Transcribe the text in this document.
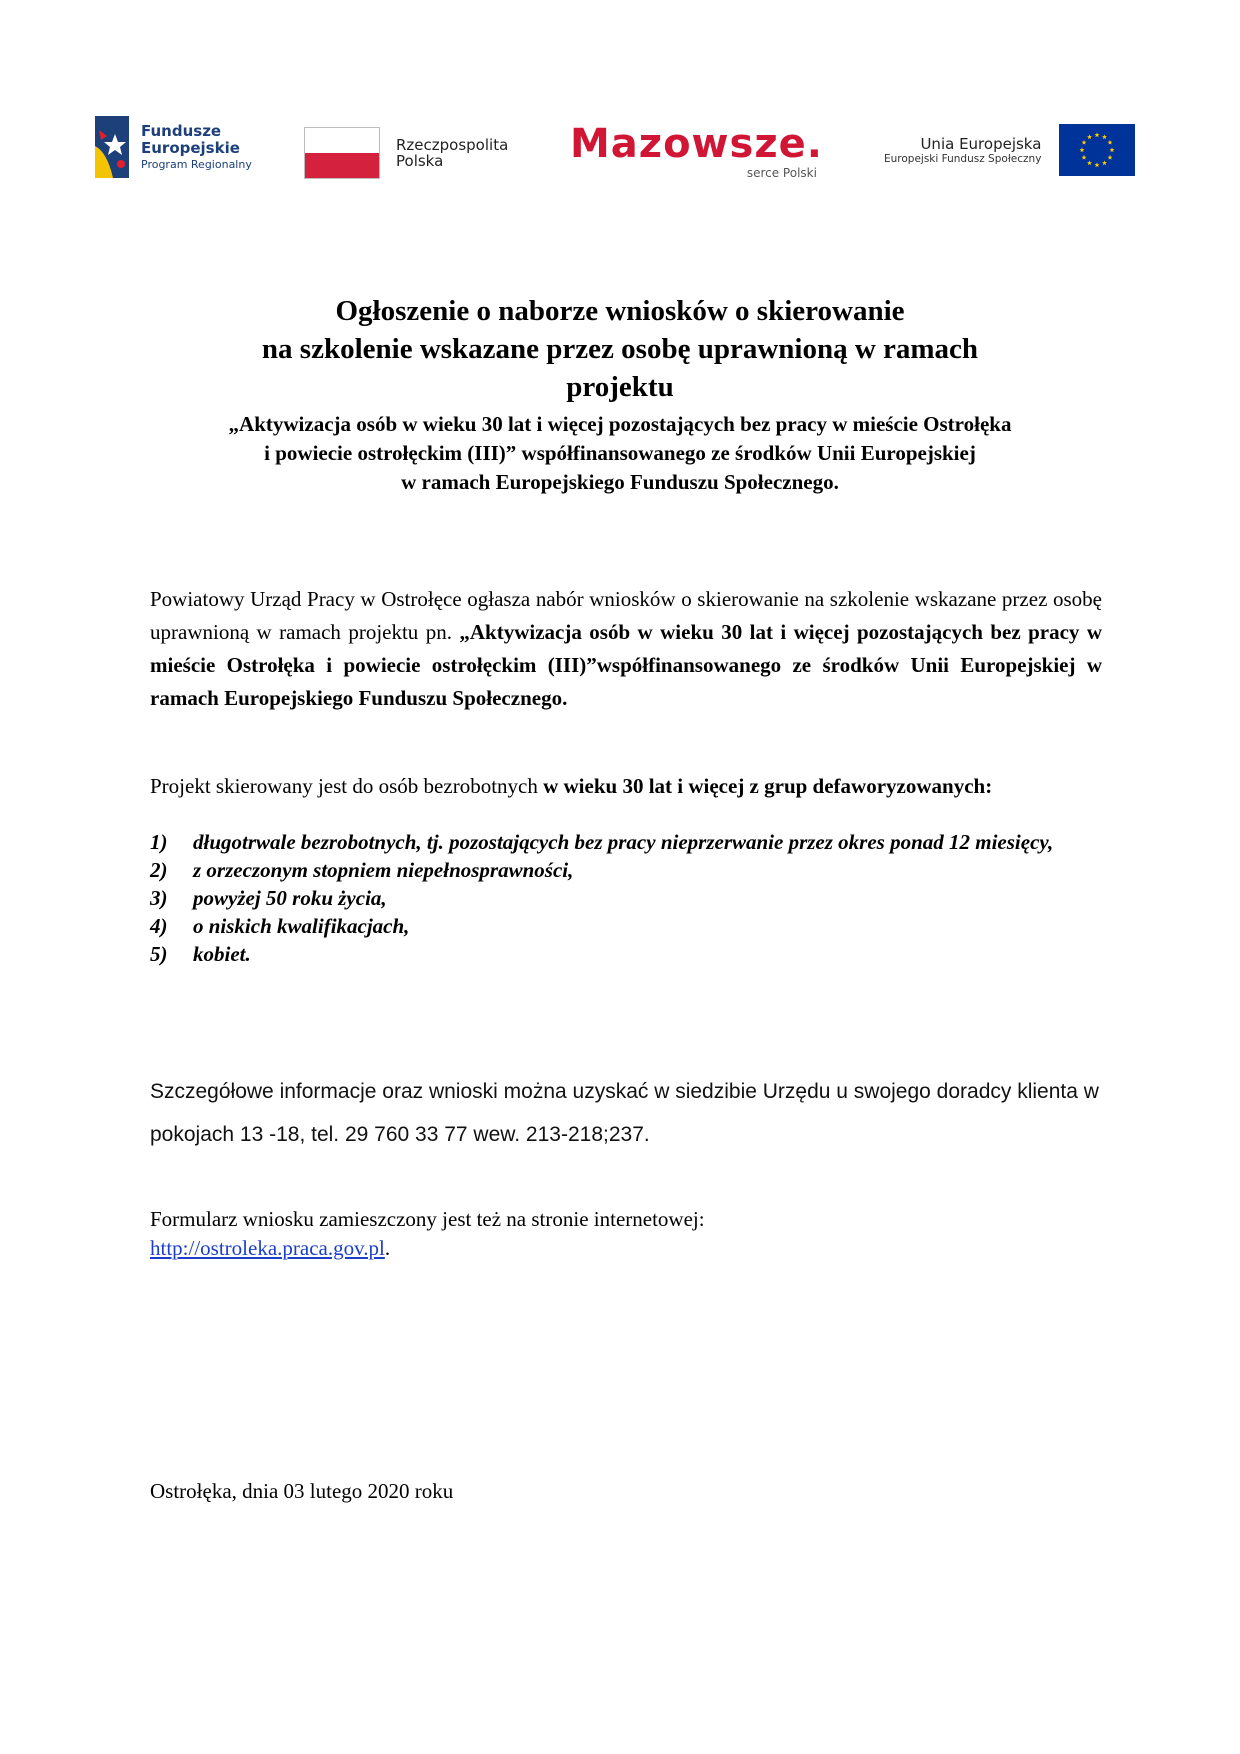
Fundusze
Europejskie
Program Regionalny
Rzeczpospolita
Polska	Mazowsze.
serce Polski
Unia Europejska
Europejski Fundusz Społeczny
Ogłoszenie o naborze wniosków o skierowanie
na szkolenie wskazane przez osobę uprawnioną w ramach
projektu
„Aktywizacja osób w wieku 30 lat i więcej pozostających bez pracy w mieście Ostrołęka
i powiecie ostrołęckim (III)” współfinansowanego ze środków Unii Europejskiej
w ramach Europejskiego Funduszu Społecznego.

Powiatowy Urząd Pracy w Ostrołęce ogłasza nabór wniosków o skierowanie na szkolenie wskazane przez osobę uprawnioną w ramach projektu pn. „Aktywizacja osób w wieku 30 lat i więcej pozostających bez pracy w mieście Ostrołęka i powiecie ostrołęckim (III)”współfinansowanego ze środków Unii Europejskiej w ramach Europejskiego Funduszu Społecznego.

Projekt skierowany jest do osób bezrobotnych w wieku 30 lat i więcej z grup defaworyzowanych:

1) długotrwale bezrobotnych, tj. pozostających bez pracy nieprzerwanie przez okres ponad 12 miesięcy,
2) z orzeczonym stopniem niepełnosprawności,
3) powyżej 50 roku życia,
4) o niskich kwalifikacjach,
5) kobiet.

Szczegółowe informacje oraz wnioski można uzyskać w siedzibie Urzędu u swojego doradcy klienta w pokojach 13 -18, tel. 29 760 33 77 wew. 213-218;237.

Formularz wniosku zamieszczony jest też na stronie internetowej:
http://ostroleka.praca.gov.pl.

Ostrołęka, dnia 03 lutego 2020 roku
